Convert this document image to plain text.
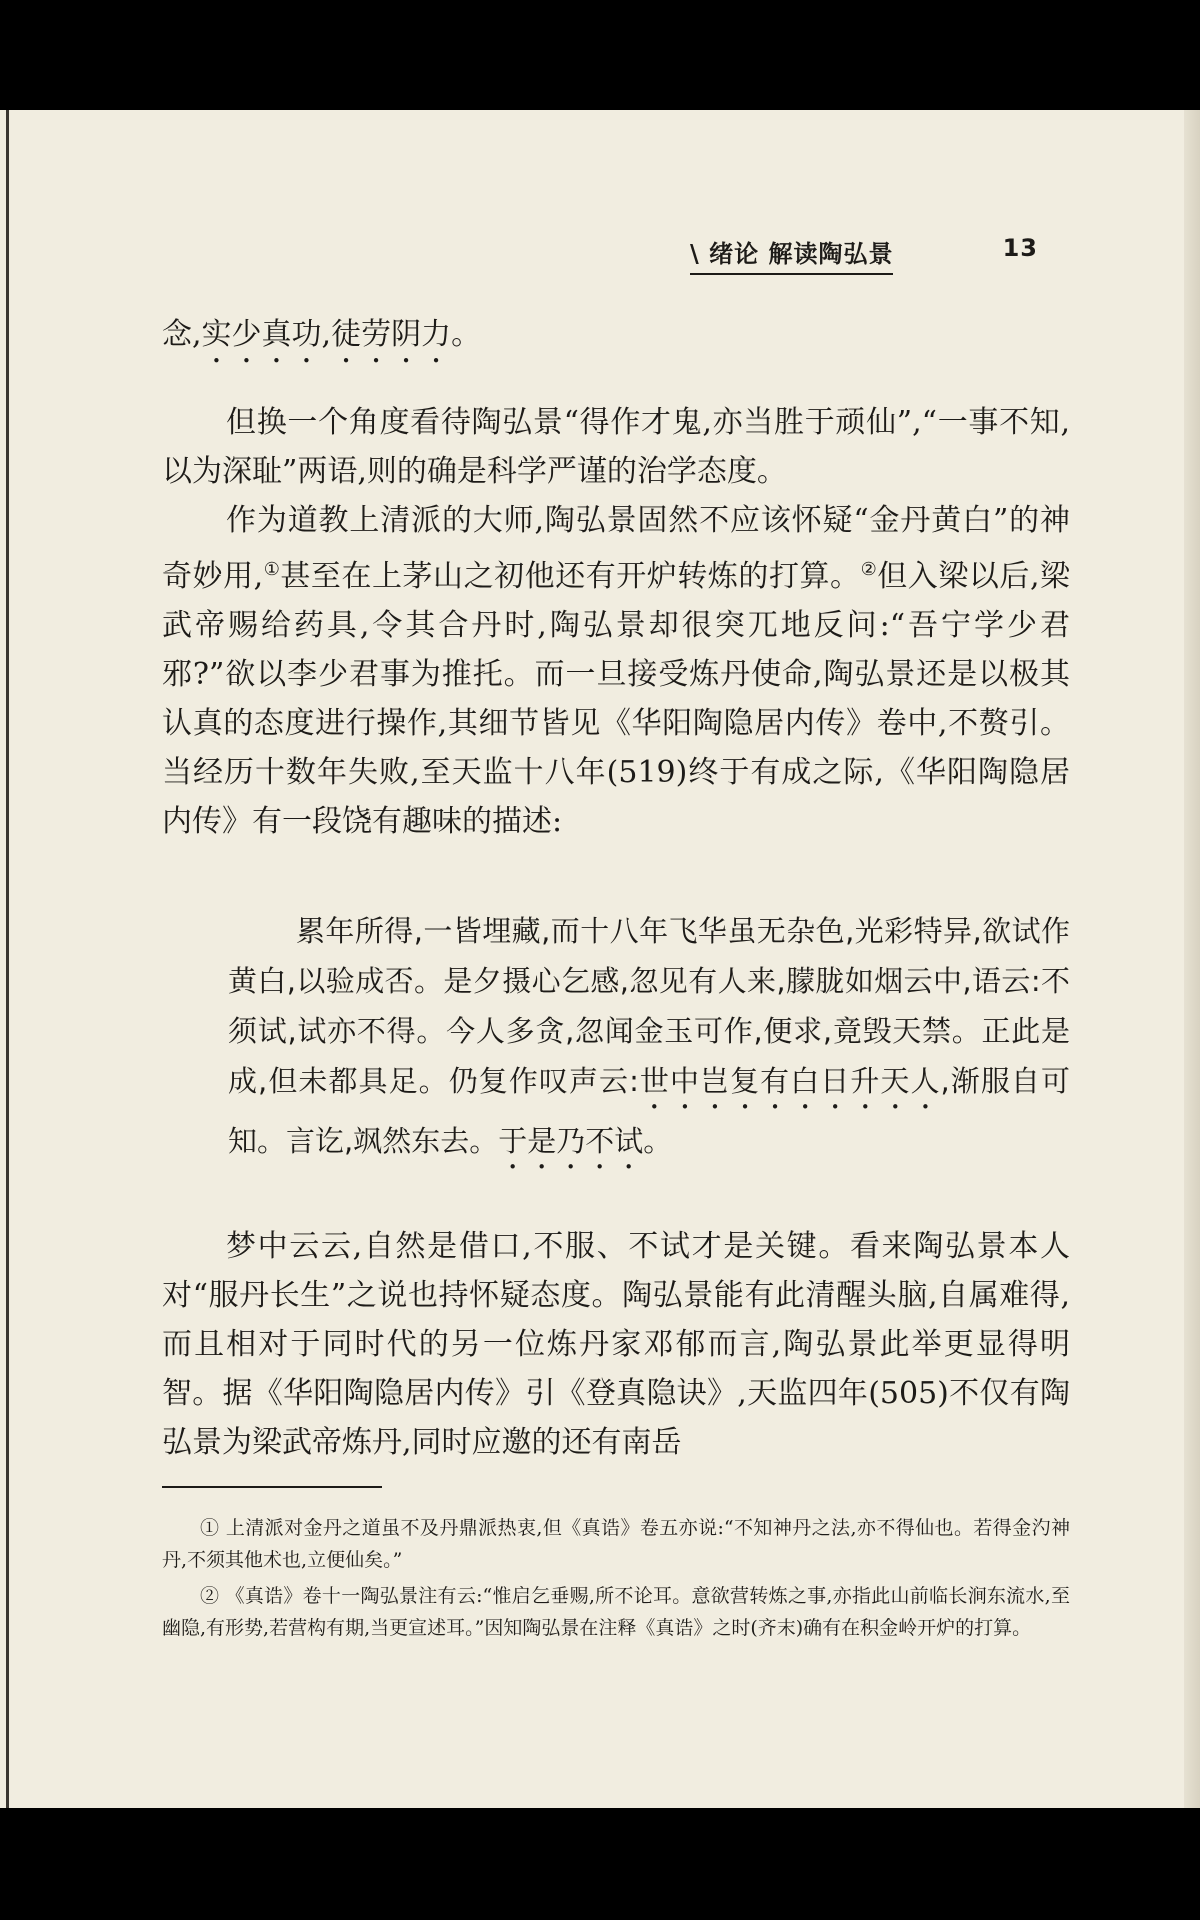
\ 绪论 解读陶弘景	13
念,实少真功,徒劳阴力。

但换一个角度看待陶弘景“得作才鬼,亦当胜于顽仙”,“一事不知,以为深耻”两语,则的确是科学严谨的治学态度。

作为道教上清派的大师,陶弘景固然不应该怀疑“金丹黄白”的神奇妙用,①甚至在上茅山之初他还有开炉转炼的打算。②但入梁以后,梁武帝赐给药具,令其合丹时,陶弘景却很突兀地反问:“吾宁学少君邪?”欲以李少君事为推托。而一旦接受炼丹使命,陶弘景还是以极其认真的态度进行操作,其细节皆见《华阳陶隐居内传》卷中,不赘引。当经历十数年失败,至天监十八年(519)终于有成之际,《华阳陶隐居内传》有一段饶有趣味的描述:

累年所得,一皆埋藏,而十八年飞华虽无杂色,光彩特异,欲试作黄白,以验成否。是夕摄心乞感,忽见有人来,朦胧如烟云中,语云:不须试,试亦不得。今人多贪,忽闻金玉可作,便求,竟毁天禁。正此是成,但未都具足。仍复作叹声云:世中岂复有白日升天人,渐服自可知。言讫,飒然东去。于是乃不试。

梦中云云,自然是借口,不服、不试才是关键。看来陶弘景本人对“服丹长生”之说也持怀疑态度。陶弘景能有此清醒头脑,自属难得,而且相对于同时代的另一位炼丹家邓郁而言,陶弘景此举更显得明智。据《华阳陶隐居内传》引《登真隐诀》,天监四年(505)不仅有陶弘景为梁武帝炼丹,同时应邀的还有南岳

① 上清派对金丹之道虽不及丹鼎派热衷,但《真诰》卷五亦说:“不知神丹之法,亦不得仙也。若得金汋神丹,不须其他术也,立便仙矣。”

② 《真诰》卷十一陶弘景注有云:“惟启乞垂赐,所不论耳。意欲营转炼之事,亦指此山前临长涧东流水,至幽隐,有形势,若营构有期,当更宣述耳。”因知陶弘景在注释《真诰》之时(齐末)确有在积金岭开炉的打算。
